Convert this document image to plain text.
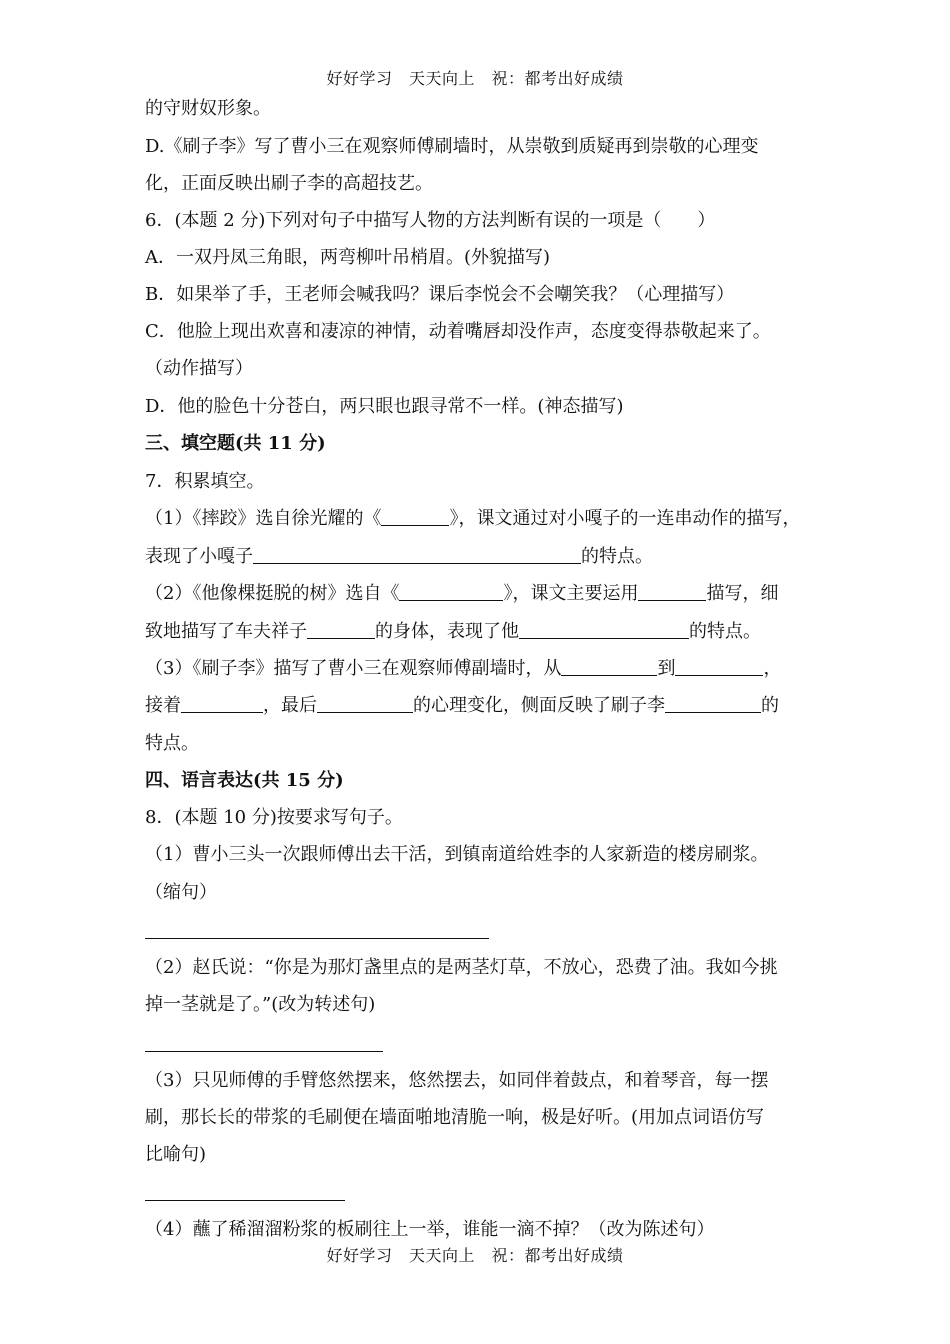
好好学习　天天向上　祝：都考出好成绩
的守财奴形象。
D.《刷子李》写了曹小三在观察师傅刷墙时，从崇敬到质疑再到崇敬的心理变
化，正面反映出刷子李的高超技艺。
6．(本题 2 分)下列对句子中描写人物的方法判断有误的一项是（　　）
A．一双丹凤三角眼，两弯柳叶吊梢眉。(外貌描写)
B．如果举了手，王老师会喊我吗？课后李悦会不会嘲笑我？（心理描写）
C．他脸上现出欢喜和凄凉的神情，动着嘴唇却没作声，态度变得恭敬起来了。
（动作描写）
D．他的脸色十分苍白，两只眼也跟寻常不一样。(神态描写)
三、填空题(共 11 分)
7．积累填空。
（1）《摔跤》选自徐光耀的《	》，课文通过对小嘎子的一连串动作的描写，
表现了小嘎子	的特点。
（2）《他像棵挺脱的树》选自《	》，课文主要运用	描写，细
致地描写了车夫祥子	的身体，表现了他	的特点。
（3）《刷子李》描写了曹小三在观察师傅副墙时，从	到	，
接着	，最后	的心理变化，侧面反映了刷子李	的
特点。
四、语言表达(共 15 分)
8．(本题 10 分)按要求写句子。
（1）曹小三头一次跟师傅出去干活，到镇南道给姓李的人家新造的楼房刷浆。
（缩句）
（2）赵氏说：“你是为那灯盏里点的是两茎灯草，不放心，恐费了油。我如今挑
掉一茎就是了。”(改为转述句)
（3）只见师傅的手臂悠然摆来，悠然摆去，如同伴着鼓点，和着琴音，每一摆
刷，那长长的带浆的毛刷便在墙面啪地清脆一响，极是好听。(用加点词语仿写
比喻句)
（4）蘸了稀溜溜粉浆的板刷往上一举，谁能一滴不掉？（改为陈述句）
好好学习　天天向上　祝：都考出好成绩
